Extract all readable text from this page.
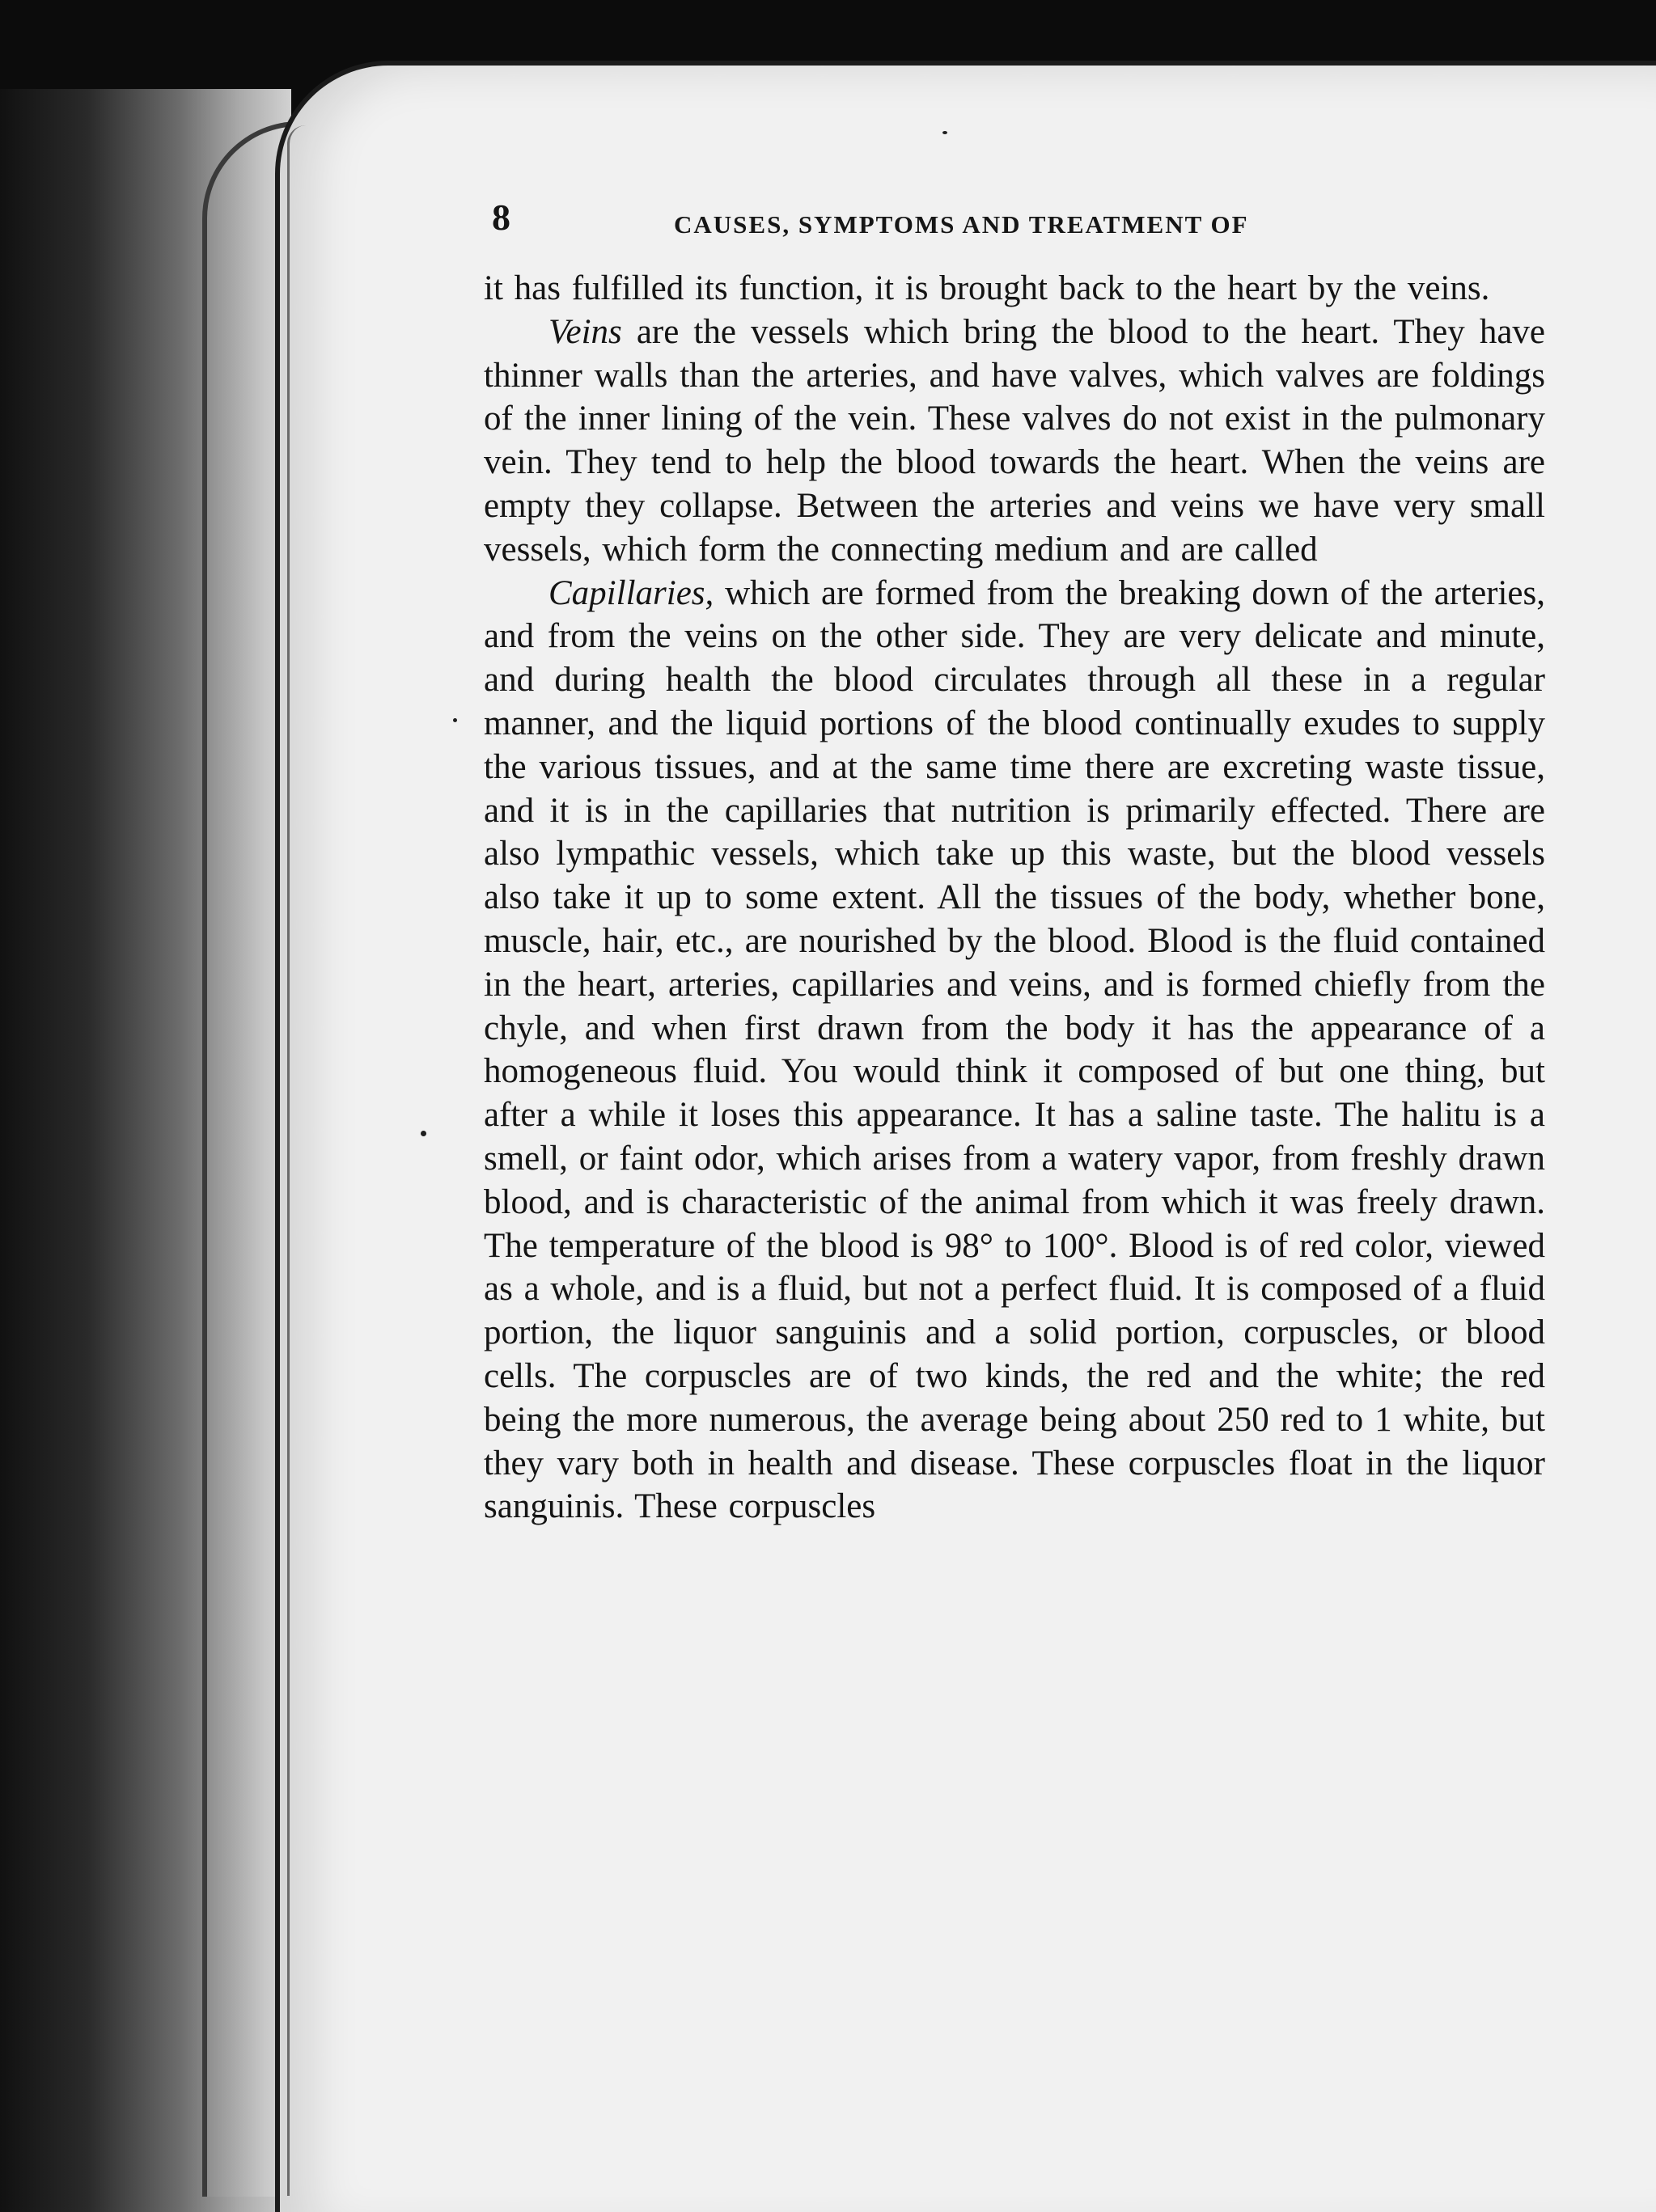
8	CAUSES, SYMPTOMS AND TREATMENT OF

it has fulfilled its function, it is brought back to the heart by the veins.

Veins are the vessels which bring the blood to the heart. They have thinner walls than the arteries, and have valves, which valves are foldings of the inner lining of the vein. These valves do not exist in the pulmonary vein. They tend to help the blood towards the heart. When the veins are empty they collapse. Between the arteries and veins we have very small vessels, which form the connecting medium and are called

Capillaries, which are formed from the breaking down of the arteries, and from the veins on the other side. They are very delicate and minute, and during health the blood circulates through all these in a regular manner, and the liquid portions of the blood continually exudes to supply the various tissues, and at the same time there are excreting waste tissue, and it is in the capillaries that nutrition is primarily effected. There are also lympathic vessels, which take up this waste, but the blood vessels also take it up to some extent. All the tissues of the body, whether bone, muscle, hair, etc., are nourished by the blood. Blood is the fluid contained in the heart, arteries, capillaries and veins, and is formed chiefly from the chyle, and when first drawn from the body it has the appearance of a homogeneous fluid. You would think it composed of but one thing, but after a while it loses this appearance. It has a saline taste. The halitu is a smell, or faint odor, which arises from a watery vapor, from freshly drawn blood, and is characteristic of the animal from which it was freely drawn. The temperature of the blood is 98° to 100°. Blood is of red color, viewed as a whole, and is a fluid, but not a perfect fluid. It is composed of a fluid portion, the liquor sanguinis and a solid portion, corpuscles, or blood cells. The corpuscles are of two kinds, the red and the white; the red being the more numerous, the average being about 250 red to 1 white, but they vary both in health and disease. These corpuscles float in the liquor sanguinis. These corpuscles
